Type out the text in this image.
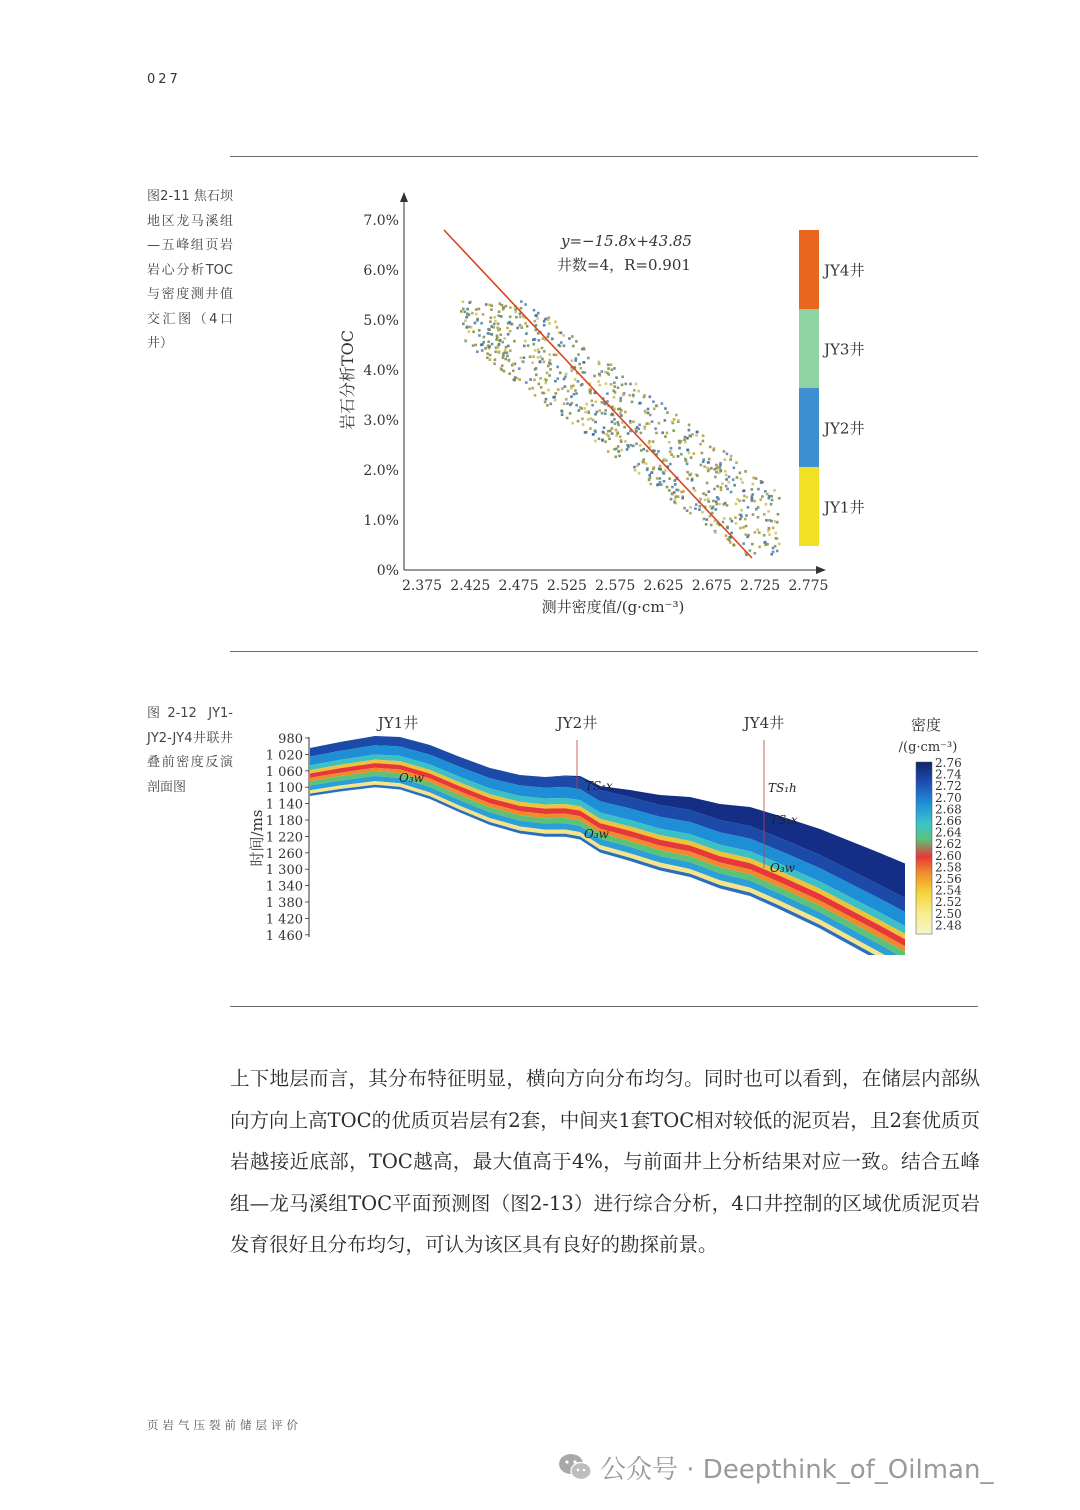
027
图2-11 焦石坝地区龙马溪组—五峰组页岩岩心分析TOC与密度测井值交汇图（4口井）
0%
1.0%
2.0%
3.0%
4.0%
5.0%
6.0%
7.0%
2.375 2.425 2.475 2.525 2.575 2.625 2.675 2.725 2.775
测井密度值/(g·cm⁻³)
岩石分析TOC
y=−15.8x+43.85
井数=4，R=0.901	JY4井
JY3井
JY2井
JY1井
图2-12 JY1-JY2-JY4井联井叠前密度反演剖面图
980
1 020
1 060
1 100
1 140
1 180
1 220
1 260
1 300
1 340
1 380
1 420
1 460
时间/ms
JY1井	JY2井	JY4井
O₃w
TS₁x
O₃w
TS₁h
TS₁x
O₃w
密度
/(g·cm⁻³)
2.76
2.74
2.72
2.70
2.68
2.66
2.64
2.62
2.60
2.58
2.56
2.54
2.52
2.50
2.48

上下地层而言，其分布特征明显，横向方向分布均匀。同时也可以看到，在储层内部纵向方向上高TOC的优质页岩层有2套，中间夹1套TOC相对较低的泥页岩，且2套优质页岩越接近底部，TOC越高，最大值高于4%，与前面井上分析结果对应一致。结合五峰组—龙马溪组TOC平面预测图（图2-13）进行综合分析，4口井控制的区域优质泥页岩发育很好且分布均匀，可认为该区具有良好的勘探前景。

页岩气压裂前储层评价
公众号 · Deepthink_of_Oilman_
